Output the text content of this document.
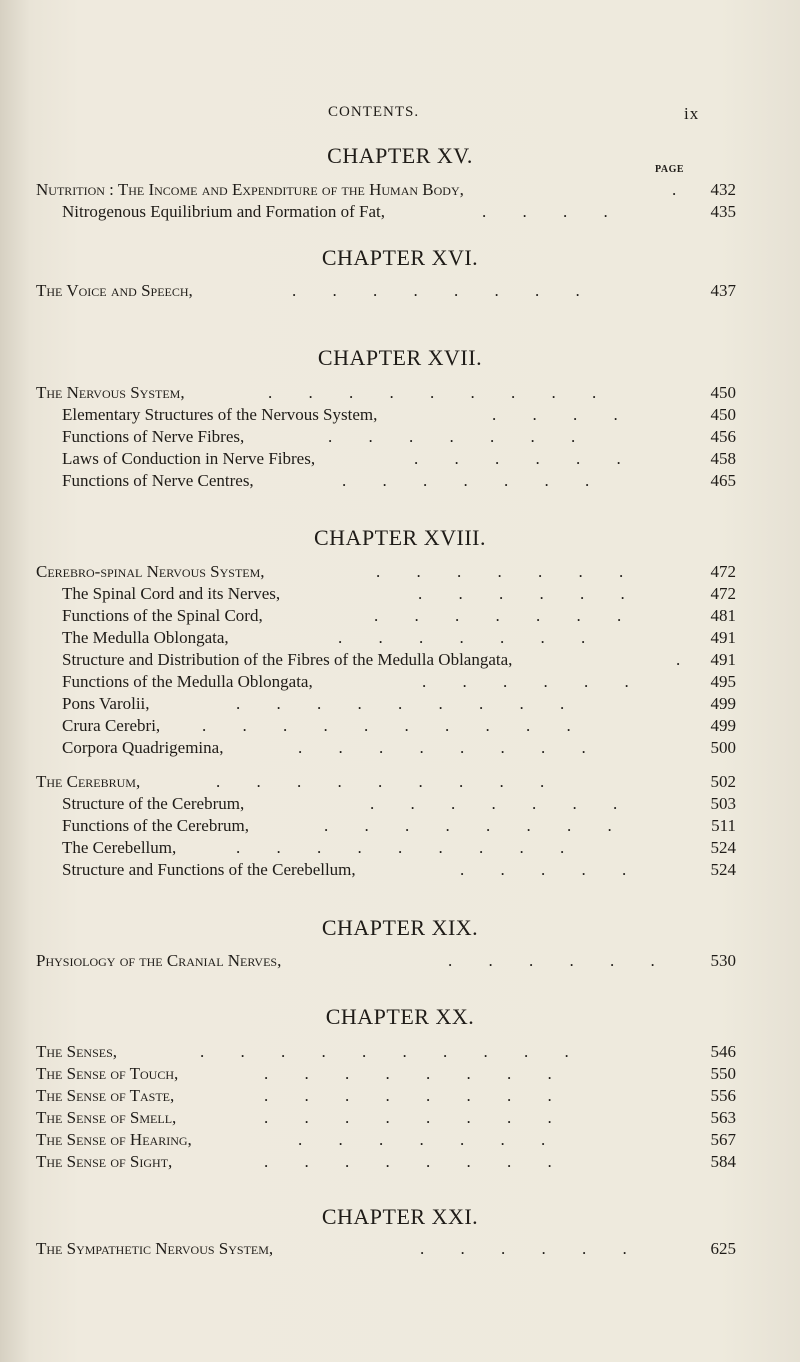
CONTENTS.	ix
CHAPTER XV.
PAGE
Nutrition : The Income and Expenditure of the Human Body,	. 432
Nitrogenous Equilibrium and Formation of Fat,	. . . .	435
CHAPTER XVI.
The Voice and Speech,	. . . . . . . .	437
CHAPTER XVII.
The Nervous System,	. . . . . . . . .	450
Elementary Structures of the Nervous System,	. . . .	450
Functions of Nerve Fibres,	. . . . . . .	456
Laws of Conduction in Nerve Fibres,	. . . . . .	458
Functions of Nerve Centres,	. . . . . . .	465
CHAPTER XVIII.
Cerebro-spinal Nervous System,	. . . . . . .	472
The Spinal Cord and its Nerves,	. . . . . .	472
Functions of the Spinal Cord,	. . . . . . .	481
The Medulla Oblongata,	. . . . . . .	491
Structure and Distribution of the Fibres of the Medulla Oblangata,	. 491
Functions of the Medulla Oblongata,	. . . . . .	495
Pons Varolii,	. . . . . . . . .	499
Crura Cerebri, . . . . . . . . . .	499
Corpora Quadrigemina,	. . . . . . . .	500
The Cerebrum,	. . . . . . . . .	502
Structure of the Cerebrum,	. . . . . . .	503
Functions of the Cerebrum,	. . . . . . . .	511
The Cerebellum,	. . . . . . . . .	524
Structure and Functions of the Cerebellum,	. . . . .	524
CHAPTER XIX.
Physiology of the Cranial Nerves,	. . . . . .	530
CHAPTER XX.
The Senses,	. . . . . . . . . .	546
The Sense of Touch,	. . . . . . . .	550
The Sense of Taste,	. . . . . . . .	556
The Sense of Smell,	. . . . . . . .	563
The Sense of Hearing,	. . . . . . .	567
The Sense of Sight,	. . . . . . . .	584
CHAPTER XXI.
The Sympathetic Nervous System,	. . . . . .	625
